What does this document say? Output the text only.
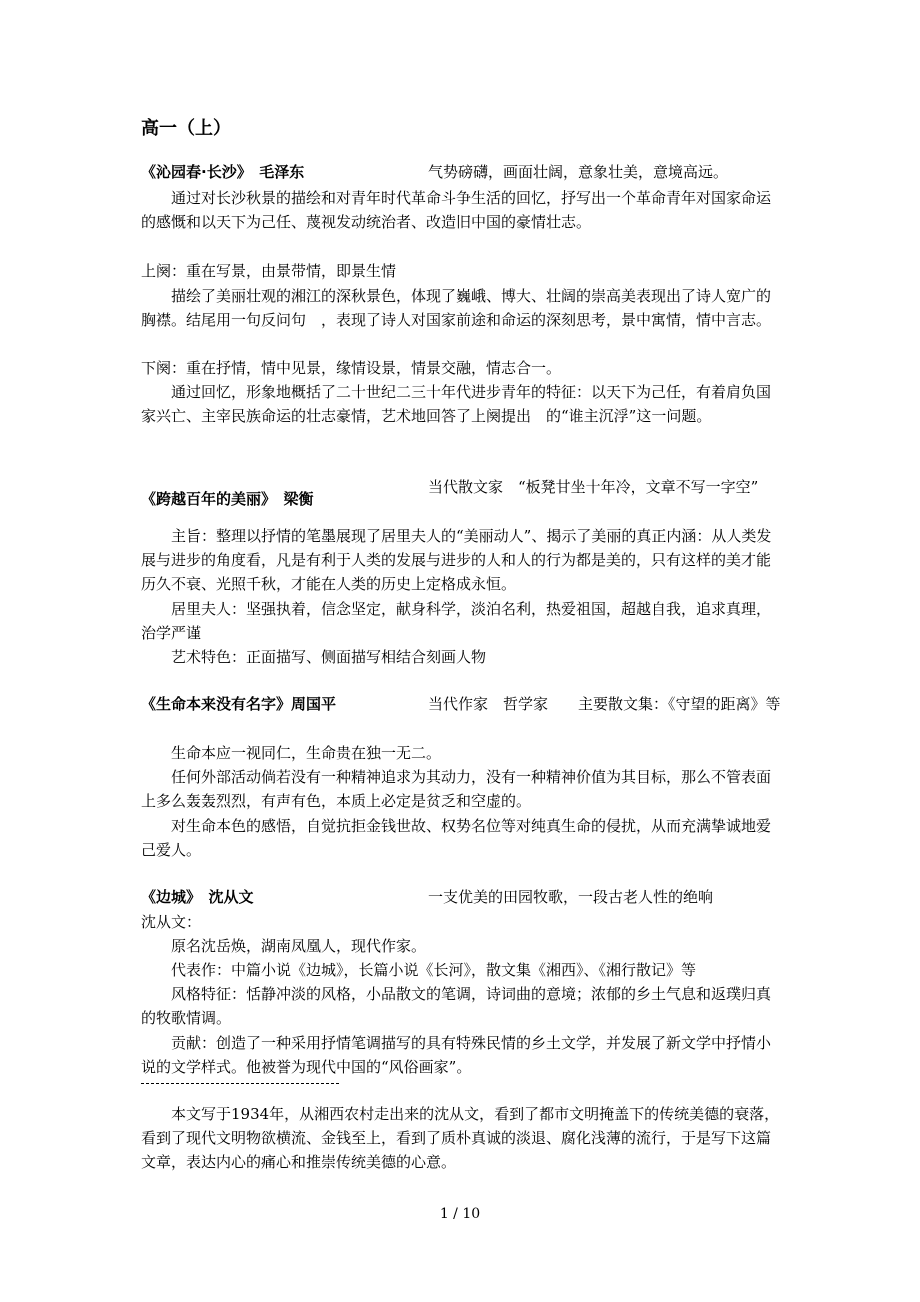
高一（上）
《沁园春·长沙》　毛泽东	气势磅礴，画面壮阔，意象壮美，意境高远。
通过对长沙秋景的描绘和对青年时代革命斗争生活的回忆，抒写出一个革命青年对国家命运的感慨和以天下为己任、蔑视发动统治者、改造旧中国的豪情壮志。
上阕：重在写景，由景带情，即景生情
描绘了美丽壮观的湘江的深秋景色，体现了巍峨、博大、壮阔的崇高美表现出了诗人宽广的胸襟。结尾用一句反问句　，表现了诗人对国家前途和命运的深刻思考，景中寓情，情中言志。
下阕：重在抒情，情中见景，缘情设景，情景交融，情志合一。
通过回忆，形象地概括了二十世纪二三十年代进步青年的特征：以天下为己任，有着肩负国家兴亡、主宰民族命运的壮志豪情，艺术地回答了上阕提出　的“谁主沉浮”这一问题。
《跨越百年的美丽》　梁衡
当代散文家　“板凳甘坐十年冷，文章不写一字空”
主旨：整理以抒情的笔墨展现了居里夫人的“美丽动人”、揭示了美丽的真正内涵：从人类发展与进步的角度看，凡是有利于人类的发展与进步的人和人的行为都是美的，只有这样的美才能历久不衰、光照千秋，才能在人类的历史上定格成永恒。
居里夫人：坚强执着，信念坚定，献身科学，淡泊名利，热爱祖国，超越自我，追求真理，治学严谨
艺术特色：正面描写、侧面描写相结合刻画人物
《生命本来没有名字》周国平	当代作家　哲学家　　主要散文集：《守望的距离》等
生命本应一视同仁，生命贵在独一无二。
任何外部活动倘若没有一种精神追求为其动力，没有一种精神价值为其目标，那么不管表面上多么轰轰烈烈，有声有色，本质上必定是贫乏和空虚的。
对生命本色的感悟，自觉抗拒金钱世故、权势名位等对纯真生命的侵扰，从而充满挚诚地爱己爱人。
《边城》　沈从文	一支优美的田园牧歌，一段古老人性的绝响
沈从文：
原名沈岳焕，湖南凤凰人，现代作家。
代表作：中篇小说《边城》，长篇小说《长河》，散文集《湘西》、《湘行散记》等
风格特征：恬静冲淡的风格，小品散文的笔调，诗词曲的意境；浓郁的乡土气息和返璞归真的牧歌情调。
贡献：创造了一种采用抒情笔调描写的具有特殊民情的乡土文学，并发展了新文学中抒情小说的文学样式。他被誉为现代中国的“风俗画家”。
本文写于1934年，从湘西农村走出来的沈从文，看到了都市文明掩盖下的传统美德的衰落，看到了现代文明物欲横流、金钱至上，看到了质朴真诚的淡退、腐化浅薄的流行，于是写下这篇文章，表达内心的痛心和推崇传统美德的心意。
1 / 10
